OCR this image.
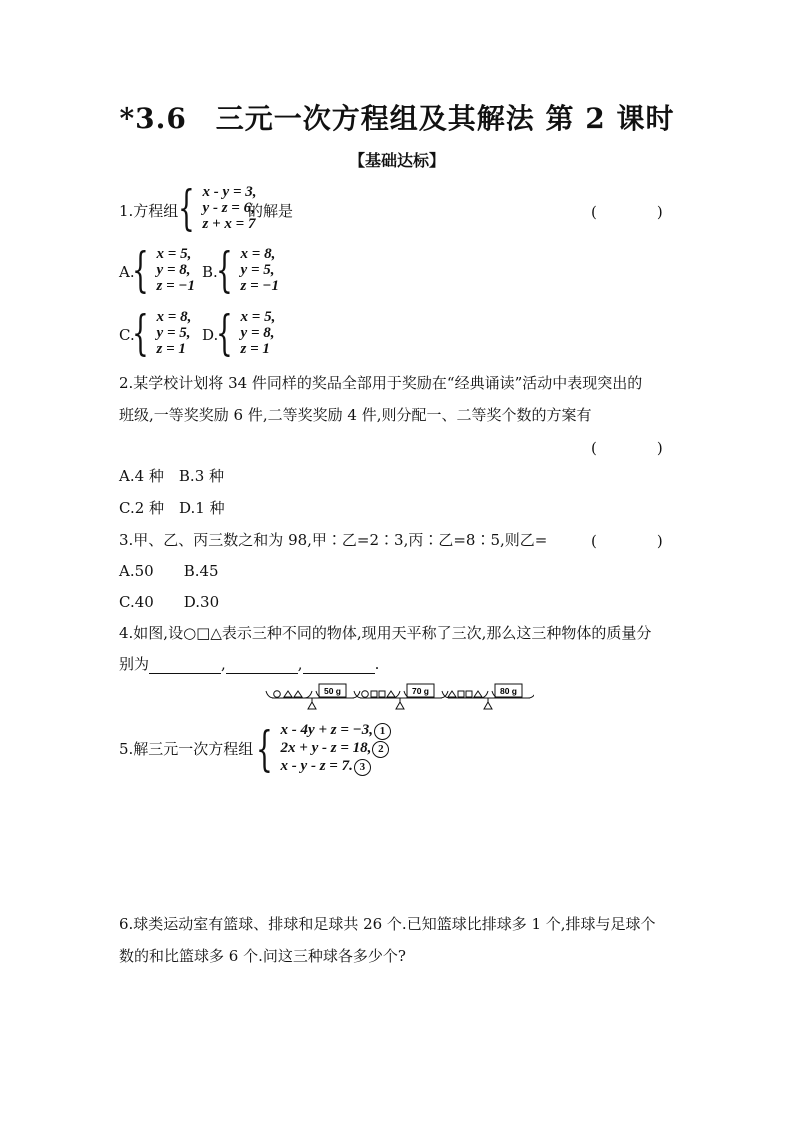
*3.6　三元一次方程组及其解法 第 2 课时
【基础达标】
1.方程组 { x - y = 3,
y - z = 6,
z + x = 7
的解是	(　　　　)
A.
{ x = 5,
y = 8,
z = −1
B.
{ x = 8,
y = 5,
z = −1
C.
{ x = 8,
y = 5,
z = 1
D.
{ x = 5,
y = 8,
z = 1
2.某学校计划将 34 件同样的奖品全部用于奖励在“经典诵读”活动中表现突出的
班级,一等奖奖励 6 件,二等奖奖励 4 件,则分配一、二等奖个数的方案有
(　　　　)
A.4 种　B.3 种
C.2 种　D.1 种
3.甲、乙、丙三数之和为 98,甲∶乙=2∶3,丙∶乙=8∶5,则乙=	(　　　　)
A.50　　B.45
C.40　　D.30
4.如图,设○□△表示三种不同的物体,现用天平称了三次,那么这三种物体的质量分
别为	,	,	.
50 g	70 g	80 g
5.解三元一次方程组 { x - 4y + z = −3, 1
2x + y - z = 18, 2
x - y - z = 7. 3
6.球类运动室有篮球、排球和足球共 26 个.已知篮球比排球多 1 个,排球与足球个
数的和比篮球多 6 个.问这三种球各多少个?
